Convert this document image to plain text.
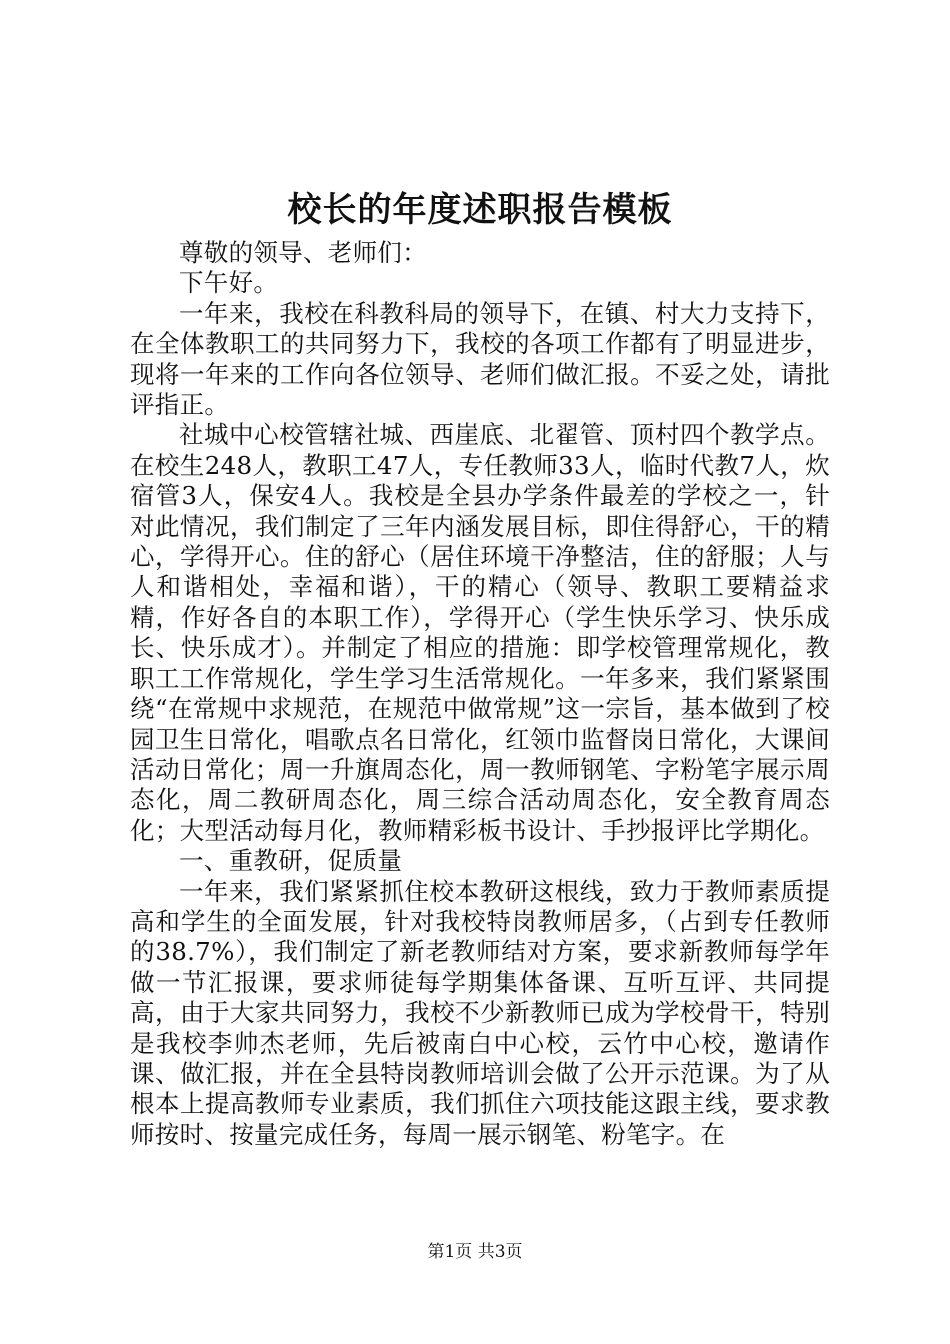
校长的年度述职报告模板

尊敬的领导、老师们：

下午好。

一年来，我校在科教科局的领导下，在镇、村大力支持下，在全体教职工的共同努力下，我校的各项工作都有了明显进步，现将一年来的工作向各位领导、老师们做汇报。不妥之处，请批评指正。

社城中心校管辖社城、西崖底、北翟管、顶村四个教学点。在校生248人，教职工47人，专任教师33人，临时代教7人，炊宿管3人，保安4人。我校是全县办学条件最差的学校之一，针对此情况，我们制定了三年内涵发展目标，即住得舒心，干的精心，学得开心。住的舒心（居住环境干净整洁，住的舒服；人与人和谐相处，幸福和谐），干的精心（领导、教职工要精益求精，作好各自的本职工作），学得开心（学生快乐学习、快乐成长、快乐成才）。并制定了相应的措施：即学校管理常规化，教职工工作常规化，学生学习生活常规化。一年多来，我们紧紧围绕“在常规中求规范，在规范中做常规”这一宗旨，基本做到了校园卫生日常化，唱歌点名日常化，红领巾监督岗日常化，大课间活动日常化；周一升旗周态化，周一教师钢笔、字粉笔字展示周态化，周二教研周态化，周三综合活动周态化，安全教育周态化；大型活动每月化，教师精彩板书设计、手抄报评比学期化。

一、重教研，促质量

一年来，我们紧紧抓住校本教研这根线，致力于教师素质提高和学生的全面发展，针对我校特岗教师居多，（占到专任教师的38.7%），我们制定了新老教师结对方案，要求新教师每学年做一节汇报课，要求师徒每学期集体备课、互听互评、共同提高，由于大家共同努力，我校不少新教师已成为学校骨干，特别是我校李帅杰老师，先后被南白中心校，云竹中心校，邀请作课、做汇报，并在全县特岗教师培训会做了公开示范课。为了从根本上提高教师专业素质，我们抓住六项技能这跟主线，要求教师按时、按量完成任务，每周一展示钢笔、粉笔字。在

第1页 共3页
